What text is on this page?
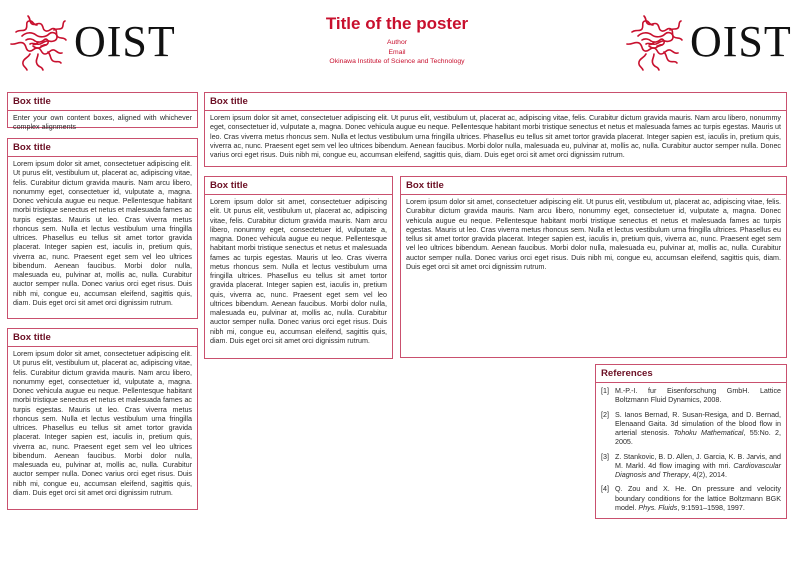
OIST	Title of the poster
Author
Email
Okinawa Institute of Science and Technology	OIST
Box title
Enter your own content boxes, aligned with whichever complex alignments
Box title
Lorem ipsum dolor sit amet, consectetuer adipiscing elit. Ut purus elit, vestibulum ut, placerat ac, adipiscing vitae, felis. Curabitur dictum gravida mauris. Nam arcu libero, nonummy eget, consectetuer id, vulputate a, magna. Donec vehicula augue eu neque. Pellentesque habitant morbi tristique senectus et netus et malesuada fames ac turpis egestas. Mauris ut leo. Cras viverra metus rhoncus sem. Nulla et lectus vestibulum urna fringilla ultrices. Phasellus eu tellus sit amet tortor gravida placerat. Integer sapien est, iaculis in, pretium quis, viverra ac, nunc. Praesent eget sem vel leo ultrices bibendum. Aenean faucibus. Morbi dolor nulla, malesuada eu, pulvinar at, mollis ac, nulla. Curabitur auctor semper nulla. Donec varius orci eget risus. Duis nibh mi, congue eu, accumsan eleifend, sagittis quis, diam. Duis eget orci sit amet orci dignissim rutrum.
Box title
Lorem ipsum dolor sit amet, consectetuer adipiscing elit. Ut purus elit, vestibulum ut, placerat ac, adipiscing vitae, felis. Curabitur dictum gravida mauris. Nam arcu libero, nonummy eget, consectetuer id, vulputate a, magna. Donec vehicula augue eu neque. Pellentesque habitant morbi tristique senectus et netus et malesuada fames ac turpis egestas. Mauris ut leo. Cras viverra metus rhoncus sem. Nulla et lectus vestibulum urna fringilla ultrices. Phasellus eu tellus sit amet tortor gravida placerat. Integer sapien est, iaculis in, pretium quis, viverra ac, nunc. Praesent eget sem vel leo ultrices bibendum. Aenean faucibus. Morbi dolor nulla, malesuada eu, pulvinar at, mollis ac, nulla. Curabitur auctor semper nulla. Donec varius orci eget risus. Duis nibh mi, congue eu, accumsan eleifend, sagittis quis, diam. Duis eget orci sit amet orci dignissim rutrum.
Box title
Lorem ipsum dolor sit amet, consectetuer adipiscing elit. Ut purus elit, vestibulum ut, placerat ac, adipiscing vitae, felis. Curabitur dictum gravida mauris. Nam arcu libero, nonummy eget, consectetuer id, vulputate a, magna. Donec vehicula augue eu neque. Pellentesque habitant morbi tristique senectus et netus et malesuada fames ac turpis egestas. Mauris ut leo. Cras viverra metus rhoncus sem. Nulla et lectus vestibulum urna fringilla ultrices. Phasellus eu tellus sit amet tortor gravida placerat. Integer sapien est, iaculis in, pretium quis, viverra ac, nunc. Praesent eget sem vel leo ultrices bibendum. Aenean faucibus. Morbi dolor nulla, malesuada eu, pulvinar at, mollis ac, nulla. Curabitur auctor semper nulla. Donec varius orci eget risus. Duis nibh mi, congue eu, accumsan eleifend, sagittis quis, diam. Duis eget orci sit amet orci dignissim rutrum.
Box title
Lorem ipsum dolor sit amet, consectetuer adipiscing elit. Ut purus elit, vestibulum ut, placerat ac, adipiscing vitae, felis. Curabitur dictum gravida mauris. Nam arcu libero, nonummy eget, consectetuer id, vulputate a, magna. Donec vehicula augue eu neque. Pellentesque habitant morbi tristique senectus et netus et malesuada fames ac turpis egestas. Mauris ut leo. Cras viverra metus rhoncus sem. Nulla et lectus vestibulum urna fringilla ultrices. Phasellus eu tellus sit amet tortor gravida placerat. Integer sapien est, iaculis in, pretium quis, viverra ac, nunc. Praesent eget sem vel leo ultrices bibendum. Aenean faucibus. Morbi dolor nulla, malesuada eu, pulvinar at, mollis ac, nulla. Curabitur auctor semper nulla. Donec varius orci eget risus. Duis nibh mi, congue eu, accumsan eleifend, sagittis quis, diam. Duis eget orci sit amet orci dignissim rutrum.
Box title
Lorem ipsum dolor sit amet, consectetuer adipiscing elit. Ut purus elit, vestibulum ut, placerat ac, adipiscing vitae, felis. Curabitur dictum gravida mauris. Nam arcu libero, nonummy eget, consectetuer id, vulputate a, magna. Donec vehicula augue eu neque. Pellentesque habitant morbi tristique senectus et netus et malesuada fames ac turpis egestas. Mauris ut leo. Cras viverra metus rhoncus sem. Nulla et lectus vestibulum urna fringilla ultrices. Phasellus eu tellus sit amet tortor gravida placerat. Integer sapien est, iaculis in, pretium quis, viverra ac, nunc. Praesent eget sem vel leo ultrices bibendum. Aenean faucibus. Morbi dolor nulla, malesuada eu, pulvinar at, mollis ac, nulla. Curabitur auctor semper nulla. Donec varius orci eget risus. Duis nibh mi, congue eu, accumsan eleifend, sagittis quis, diam. Duis eget orci sit amet orci dignissim rutrum.
References
[1] M.-P.-I. fur Eisenforschung GmbH. Lattice Boltzmann Fluid Dynamics, 2008.
[2] S. Ianos Bernad, R. Susan-Resiga, and D. Bernad, Elenaand Gaita. 3d simulation of the blood flow in arterial stenosis. Tohoku Mathematical, 55:No. 2, 2005.
[3] Z. Stankovic, B. D. Allen, J. Garcia, K. B. Jarvis, and M. Markl. 4d flow imaging with mri. Cardiovascular Diagnosis and Therapy, 4(2), 2014.
[4] Q. Zou and X. He. On pressure and velocity boundary conditions for the lattice Boltzmann BGK model. Phys. Fluids, 9:1591–1598, 1997.
